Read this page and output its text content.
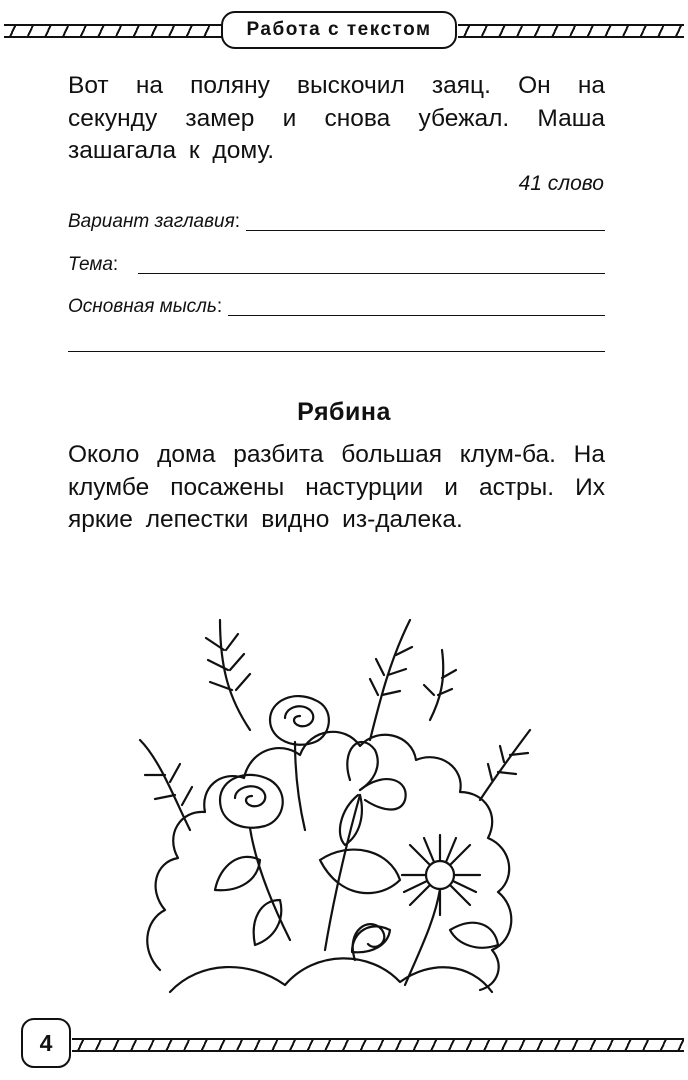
Работа с текстом

Вот на поляну выскочил заяц. Он на секунду замер и снова убежал. Маша зашагала к дому.

41 слово
Вариант заглавия:
Тема:
Основная мысль:
Рябина

Около дома разбита большая клум-ба. На клумбе посажены настурции и астры. Их яркие лепестки видно из-далека.

4
